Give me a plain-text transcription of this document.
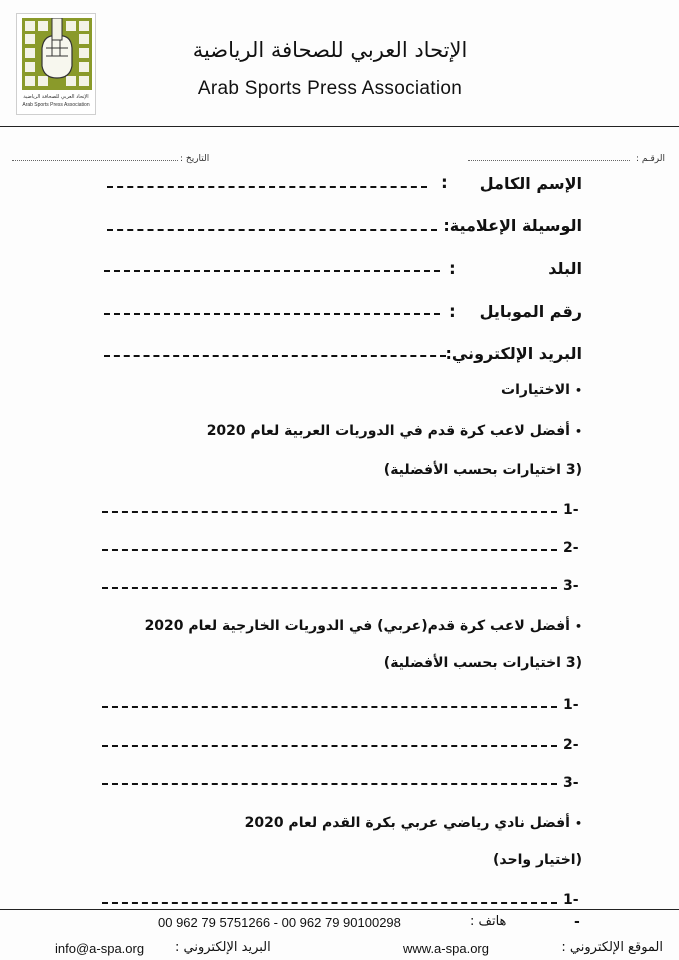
الإتحاد العربي للصحافة الرياضية
Arab Sports Press Association
الإتحاد العربي للصحافة الرياضية
Arab Sports Press Association
الرقـم :
التاريخ :
الإسم الكامل
:
الوسيلة الإعلامية:
البلد
:
رقم الموبايل
:
البريد الإلكتروني:
•الاختيارات
•أفضل لاعب كرة قدم في الدوريات العربية لعام 2020
(3 اختيارات بحسب الأفضلية)
1-
2-
3-
•أفضل لاعب كرة قدم(عربي) في الدوريات الخارجية لعام 2020
(3 اختيارات بحسب الأفضلية)
1-
2-
3-
•أفضل نادي رياضي عربي بكرة القدم لعام 2020
(اختيار واحد)
1-
-
هاتف :
00 962 79 5751266 - 00 962 79 90100298
الموقع الإلكتروني :
www.a-spa.org
البريد الإلكتروني :
info@a-spa.org
